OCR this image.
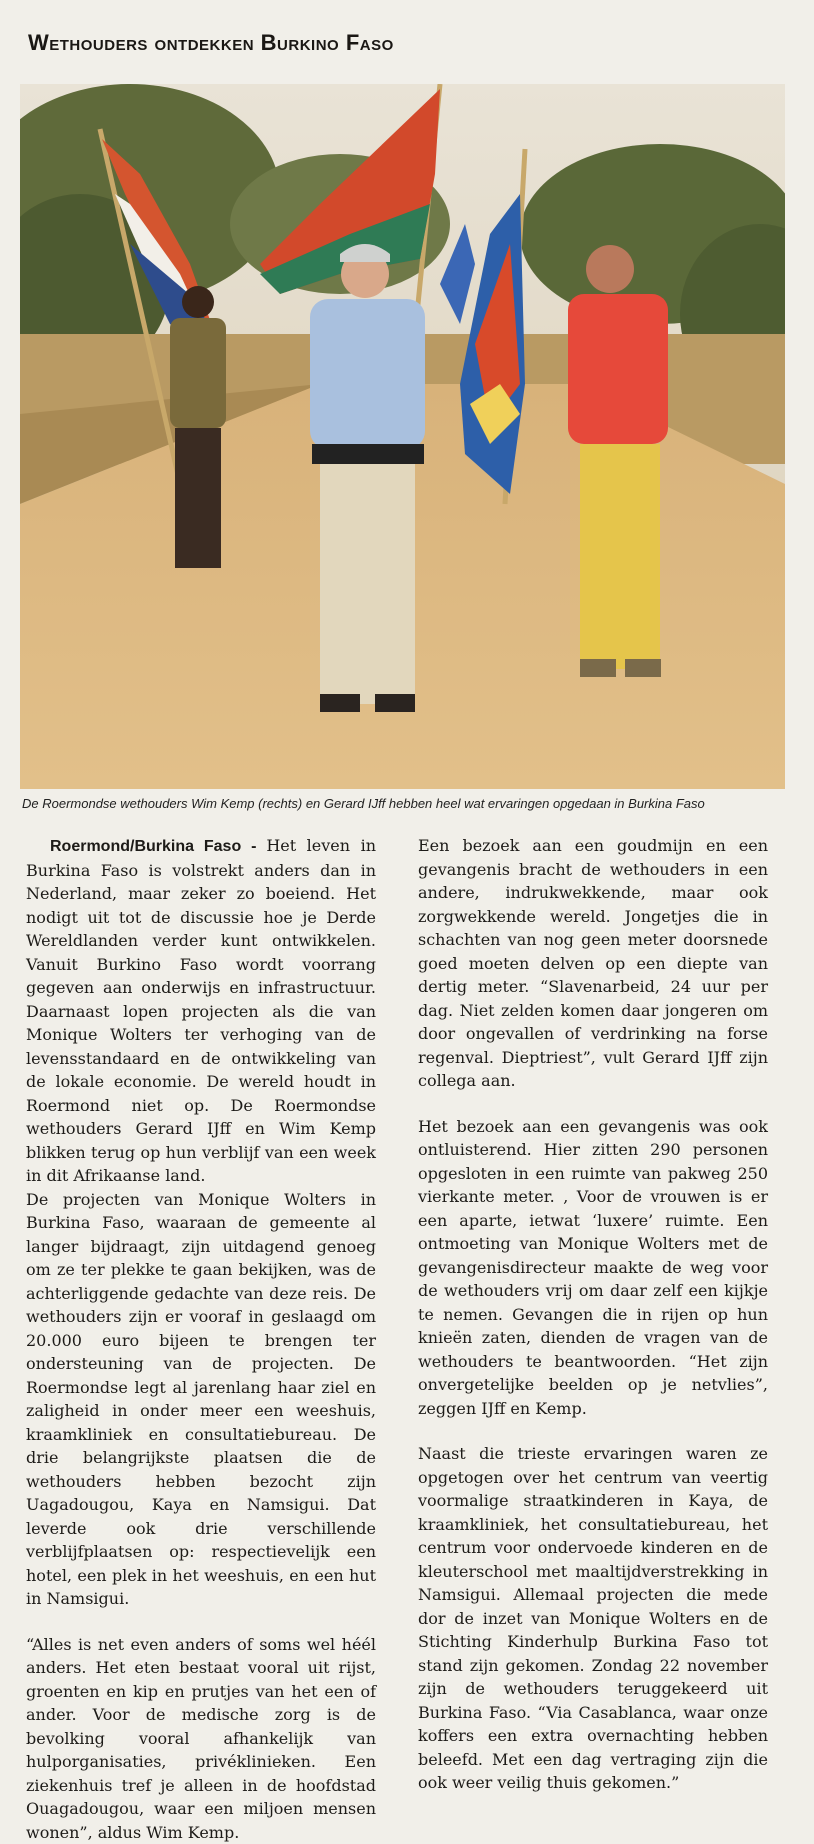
Wethouders ontdekken Burkino Faso
De Roermondse wethouders Wim Kemp (rechts) en Gerard IJff hebben heel wat ervaringen opgedaan in Burkina Faso

Roermond/Burkina Faso - Het leven in Burkina Faso is volstrekt anders dan in Nederland, maar zeker zo boeiend. Het nodigt uit tot de discussie hoe je Derde Wereldlanden verder kunt ontwikkelen. Vanuit Burkino Faso wordt voorrang gegeven aan onderwijs en infrastructuur. Daarnaast lopen projecten als die van Monique Wolters ter verhoging van de levensstandaard en de ontwikkeling van de lokale economie. De wereld houdt in Roermond niet op. De Roermondse wethouders Gerard IJff en Wim Kemp blikken terug op hun verblijf van een week in dit Afrikaanse land.

De projecten van Monique Wolters in Burkina Faso, waaraan de gemeente al langer bijdraagt, zijn uitdagend genoeg om ze ter plekke te gaan bekijken, was de achterliggende gedachte van deze reis. De wethouders zijn er vooraf in geslaagd om 20.000 euro bijeen te brengen ter ondersteuning van de projecten. De Roermondse legt al jarenlang haar ziel en zaligheid in onder meer een weeshuis, kraamkliniek en consultatiebureau. De drie belangrijkste plaatsen die de wethouders hebben bezocht zijn Uagadougou, Kaya en Namsigui. Dat leverde ook drie verschillende verblijfplaatsen op: respectievelijk een hotel, een plek in het weeshuis, en een hut in Namsigui.

“Alles is net even anders of soms wel héél anders. Het eten bestaat vooral uit rijst, groenten en kip en prutjes van het een of ander. Voor de medische zorg is de bevolking vooral afhankelijk van hulporganisaties, privéklinieken. Een ziekenhuis tref je alleen in de hoofdstad Ouagadougou, waar een miljoen mensen wonen”, aldus Wim Kemp.

Een bezoek aan een goudmijn en een gevangenis bracht de wethouders in een andere, indrukwekkende, maar ook zorgwekkende wereld. Jongetjes die in schachten van nog geen meter doorsnede goed moeten delven op een diepte van dertig meter. “Slavenarbeid, 24 uur per dag. Niet zelden komen daar jongeren om door ongevallen of verdrinking na forse regenval. Dieptriest”, vult Gerard IJff zijn collega aan.

Het bezoek aan een gevangenis was ook ontluisterend. Hier zitten 290 personen opgesloten in een ruimte van pakweg 250 vierkante meter. , Voor de vrouwen is er een aparte, ietwat ‘luxere’ ruimte. Een ontmoeting van Monique Wolters met de gevangenisdirecteur maakte de weg voor de wethouders vrij om daar zelf een kijkje te nemen. Gevangen die in rijen op hun knieën zaten, dienden de vragen van de wethouders te beantwoorden. “Het zijn onvergetelijke beelden op je netvlies”, zeggen IJff en Kemp.

Naast die trieste ervaringen waren ze opgetogen over het centrum van veertig voormalige straatkinderen in Kaya, de kraamkliniek, het consultatiebureau, het centrum voor ondervoede kinderen en de kleuterschool met maaltijdverstrekking in Namsigui. Allemaal projecten die mede dor de inzet van Monique Wolters en de Stichting Kinderhulp Burkina Faso tot stand zijn gekomen. Zondag 22 november zijn de wethouders teruggekeerd uit Burkina Faso. “Via Casablanca, waar onze koffers een extra overnachting hebben beleefd. Met een dag vertraging zijn die ook weer veilig thuis gekomen.”
